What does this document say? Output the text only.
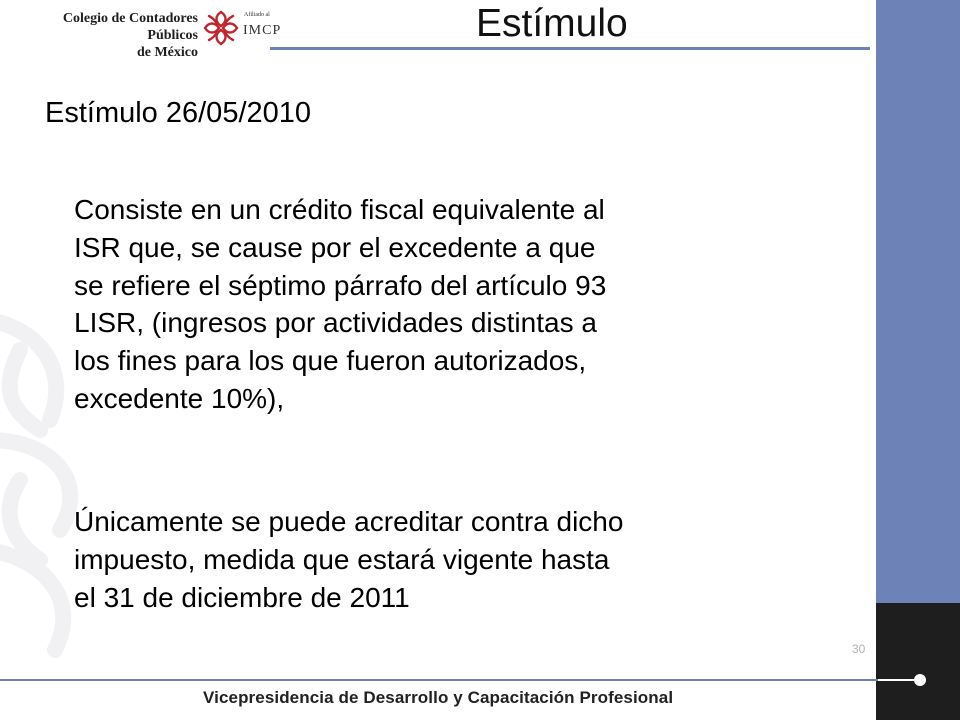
Colegio de Contadores Públicos
de México
Afiliado al
IMCP	Estímulo
Estímulo 26/05/2010
Consiste en un crédito fiscal equivalente al
ISR que, se cause por el excedente a que
se refiere el séptimo párrafo del artículo 93
LISR, (ingresos por actividades distintas a
los fines para los que fueron autorizados,
excedente 10%),
Únicamente se puede acreditar contra dicho
impuesto, medida que estará vigente hasta
el 31 de diciembre de 2011
30
Vicepresidencia de Desarrollo y Capacitación Profesional
